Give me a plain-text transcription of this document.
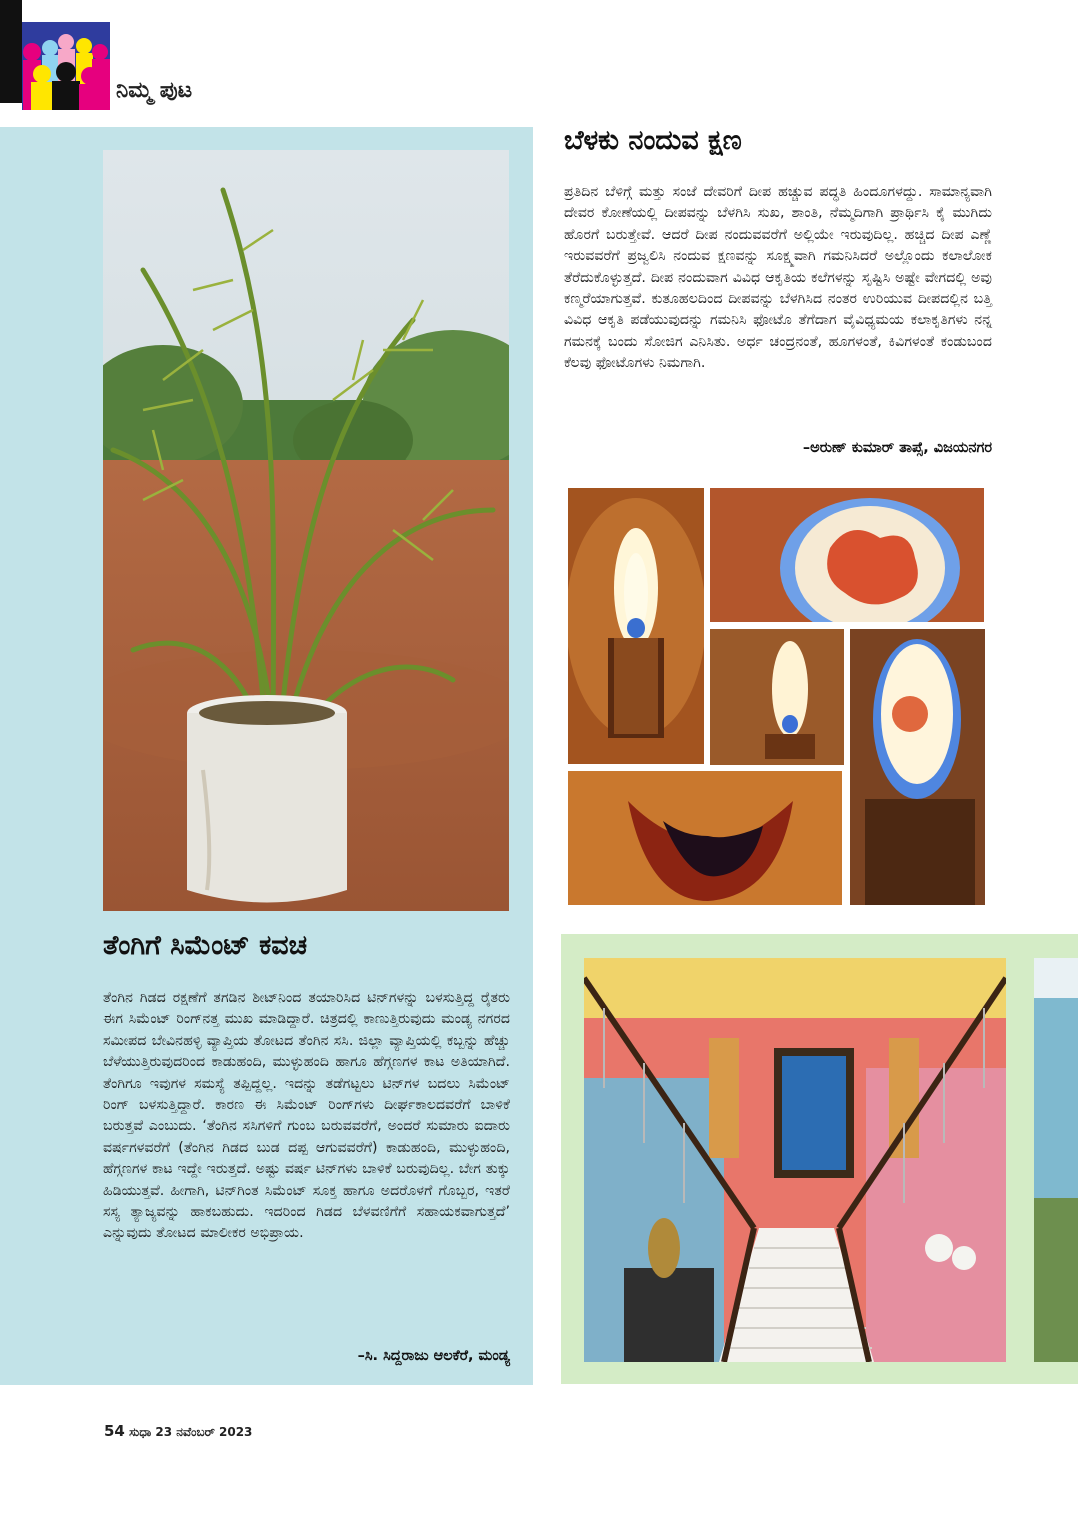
ನಿಮ್ಮ ಪುಟ
ತೆಂಗಿಗೆ ಸಿಮೆಂಟ್ ಕವಚ
ತೆಂಗಿನ ಗಿಡದ ರಕ್ಷಣೆಗೆ ತಗಡಿನ ಶೀಟ್‌ನಿಂದ ತಯಾರಿಸಿದ ಟಿನ್‌ಗಳನ್ನು ಬಳಸುತ್ತಿದ್ದ ರೈತರು ಈಗ ಸಿಮೆಂಟ್ ರಿಂಗ್‌ನತ್ತ ಮುಖ ಮಾಡಿದ್ದಾರೆ. ಚಿತ್ರದಲ್ಲಿ ಕಾಣುತ್ತಿರುವುದು ಮಂಡ್ಯ ನಗರದ ಸಮೀಪದ ಬೇವಿನಹಳ್ಳಿ ವ್ಯಾಪ್ತಿಯ ತೋಟದ ತೆಂಗಿನ ಸಸಿ. ಜಿಲ್ಲಾ ವ್ಯಾಪ್ತಿಯಲ್ಲಿ ಕಬ್ಬನ್ನು ಹೆಚ್ಚು ಬೆಳೆಯುತ್ತಿರುವುದರಿಂದ ಕಾಡುಹಂದಿ, ಮುಳ್ಳುಹಂದಿ ಹಾಗೂ ಹೆಗ್ಗಣಗಳ ಕಾಟ ಅತಿಯಾಗಿದೆ. ತೆಂಗಿಗೂ ಇವುಗಳ ಸಮಸ್ಯೆ ತಪ್ಪಿದ್ದಲ್ಲ. ಇದನ್ನು ತಡೆಗಟ್ಟಲು ಟಿನ್‌ಗಳ ಬದಲು ಸಿಮೆಂಟ್ ರಿಂಗ್ ಬಳಸುತ್ತಿದ್ದಾರೆ. ಕಾರಣ ಈ ಸಿಮೆಂಟ್ ರಿಂಗ್‌ಗಳು ದೀರ್ಘಕಾಲದವರೆಗೆ ಬಾಳಿಕೆ ಬರುತ್ತವೆ ಎಂಬುದು. ‘ತೆಂಗಿನ ಸಸಿಗಳಿಗೆ ಗುಂಬ ಬರುವವರೆಗೆ, ಅಂದರೆ ಸುಮಾರು ಐದಾರು ವರ್ಷಗಳವರೆಗೆ (ತೆಂಗಿನ ಗಿಡದ ಬುಡ ದಪ್ಪ ಆಗುವವರೆಗೆ) ಕಾಡುಹಂದಿ, ಮುಳ್ಳುಹಂದಿ, ಹೆಗ್ಗಣಗಳ ಕಾಟ ಇದ್ದೇ ಇರುತ್ತದೆ. ಅಷ್ಟು ವರ್ಷ ಟಿನ್‌ಗಳು ಬಾಳಿಕೆ ಬರುವುದಿಲ್ಲ. ಬೇಗ ತುಕ್ಕು ಹಿಡಿಯುತ್ತವೆ. ಹೀಗಾಗಿ, ಟಿನ್‌ಗಿಂತ ಸಿಮೆಂಟ್ ಸೂಕ್ತ ಹಾಗೂ ಅದರೊಳಗೆ ಗೊಬ್ಬರ, ಇತರೆ ಸಸ್ಯ ತ್ಯಾಜ್ಯವನ್ನು ಹಾಕಬಹುದು. ಇದರಿಂದ ಗಿಡದ ಬೆಳವಣಿಗೆಗೆ ಸಹಾಯಕವಾಗುತ್ತದೆ’ ಎನ್ನುವುದು ತೋಟದ ಮಾಲೀಕರ ಅಭಿಪ್ರಾಯ.
–ಸಿ. ಸಿದ್ದರಾಜು ಆಲಕೆರೆ, ಮಂಡ್ಯ
ಬೆಳಕು ನಂದುವ ಕ್ಷಣ
ಪ್ರತಿದಿನ ಬೆಳಿಗ್ಗೆ ಮತ್ತು ಸಂಜೆ ದೇವರಿಗೆ ದೀಪ ಹಚ್ಚುವ ಪದ್ಧತಿ ಹಿಂದೂಗಳದ್ದು. ಸಾಮಾನ್ಯವಾಗಿ ದೇವರ ಕೋಣೆಯಲ್ಲಿ ದೀಪವನ್ನು ಬೆಳಗಿಸಿ ಸುಖ, ಶಾಂತಿ, ನೆಮ್ಮದಿಗಾಗಿ ಪ್ರಾರ್ಥಿಸಿ ಕೈ ಮುಗಿದು ಹೊರಗೆ ಬರುತ್ತೇವೆ. ಆದರೆ ದೀಪ ನಂದುವವರೆಗೆ ಅಲ್ಲಿಯೇ ಇರುವುದಿಲ್ಲ. ಹಚ್ಚಿದ ದೀಪ ಎಣ್ಣೆ ಇರುವವರೆಗೆ ಪ್ರಜ್ವಲಿಸಿ ನಂದುವ ಕ್ಷಣವನ್ನು ಸೂಕ್ಷ್ಮವಾಗಿ ಗಮನಿಸಿದರೆ ಅಲ್ಲೊಂದು ಕಲಾಲೋಕ ತೆರೆದುಕೊಳ್ಳುತ್ತದೆ. ದೀಪ ನಂದುವಾಗ ವಿವಿಧ ಆಕೃತಿಯ ಕಲೆಗಳನ್ನು ಸೃಷ್ಟಿಸಿ ಅಷ್ಟೇ ವೇಗದಲ್ಲಿ ಅವು ಕಣ್ಮರೆಯಾಗುತ್ತವೆ. ಕುತೂಹಲದಿಂದ ದೀಪವನ್ನು ಬೆಳಗಿಸಿದ ನಂತರ ಉರಿಯುವ ದೀಪದಲ್ಲಿನ ಬತ್ತಿ ವಿವಿಧ ಆಕೃತಿ ಪಡೆಯುವುದನ್ನು ಗಮನಿಸಿ ಫೋಟೊ ತೆಗೆದಾಗ ವೈವಿಧ್ಯಮಯ ಕಲಾಕೃತಿಗಳು ನನ್ನ ಗಮನಕ್ಕೆ ಬಂದು ಸೋಜಿಗ ಎನಿಸಿತು. ಅರ್ಧ ಚಂದ್ರನಂತೆ, ಹೂಗಳಂತೆ, ಕಿವಿಗಳಂತೆ ಕಂಡುಬಂದ ಕೆಲವು ಫೋಟೊಗಳು ನಿಮಗಾಗಿ.
–ಅರುಣ್ ಕುಮಾರ್ ತಾಪ್ಸೆ, ವಿಜಯನಗರ
54 ಸುಧಾ 23 ನವೆಂಬರ್ 2023
